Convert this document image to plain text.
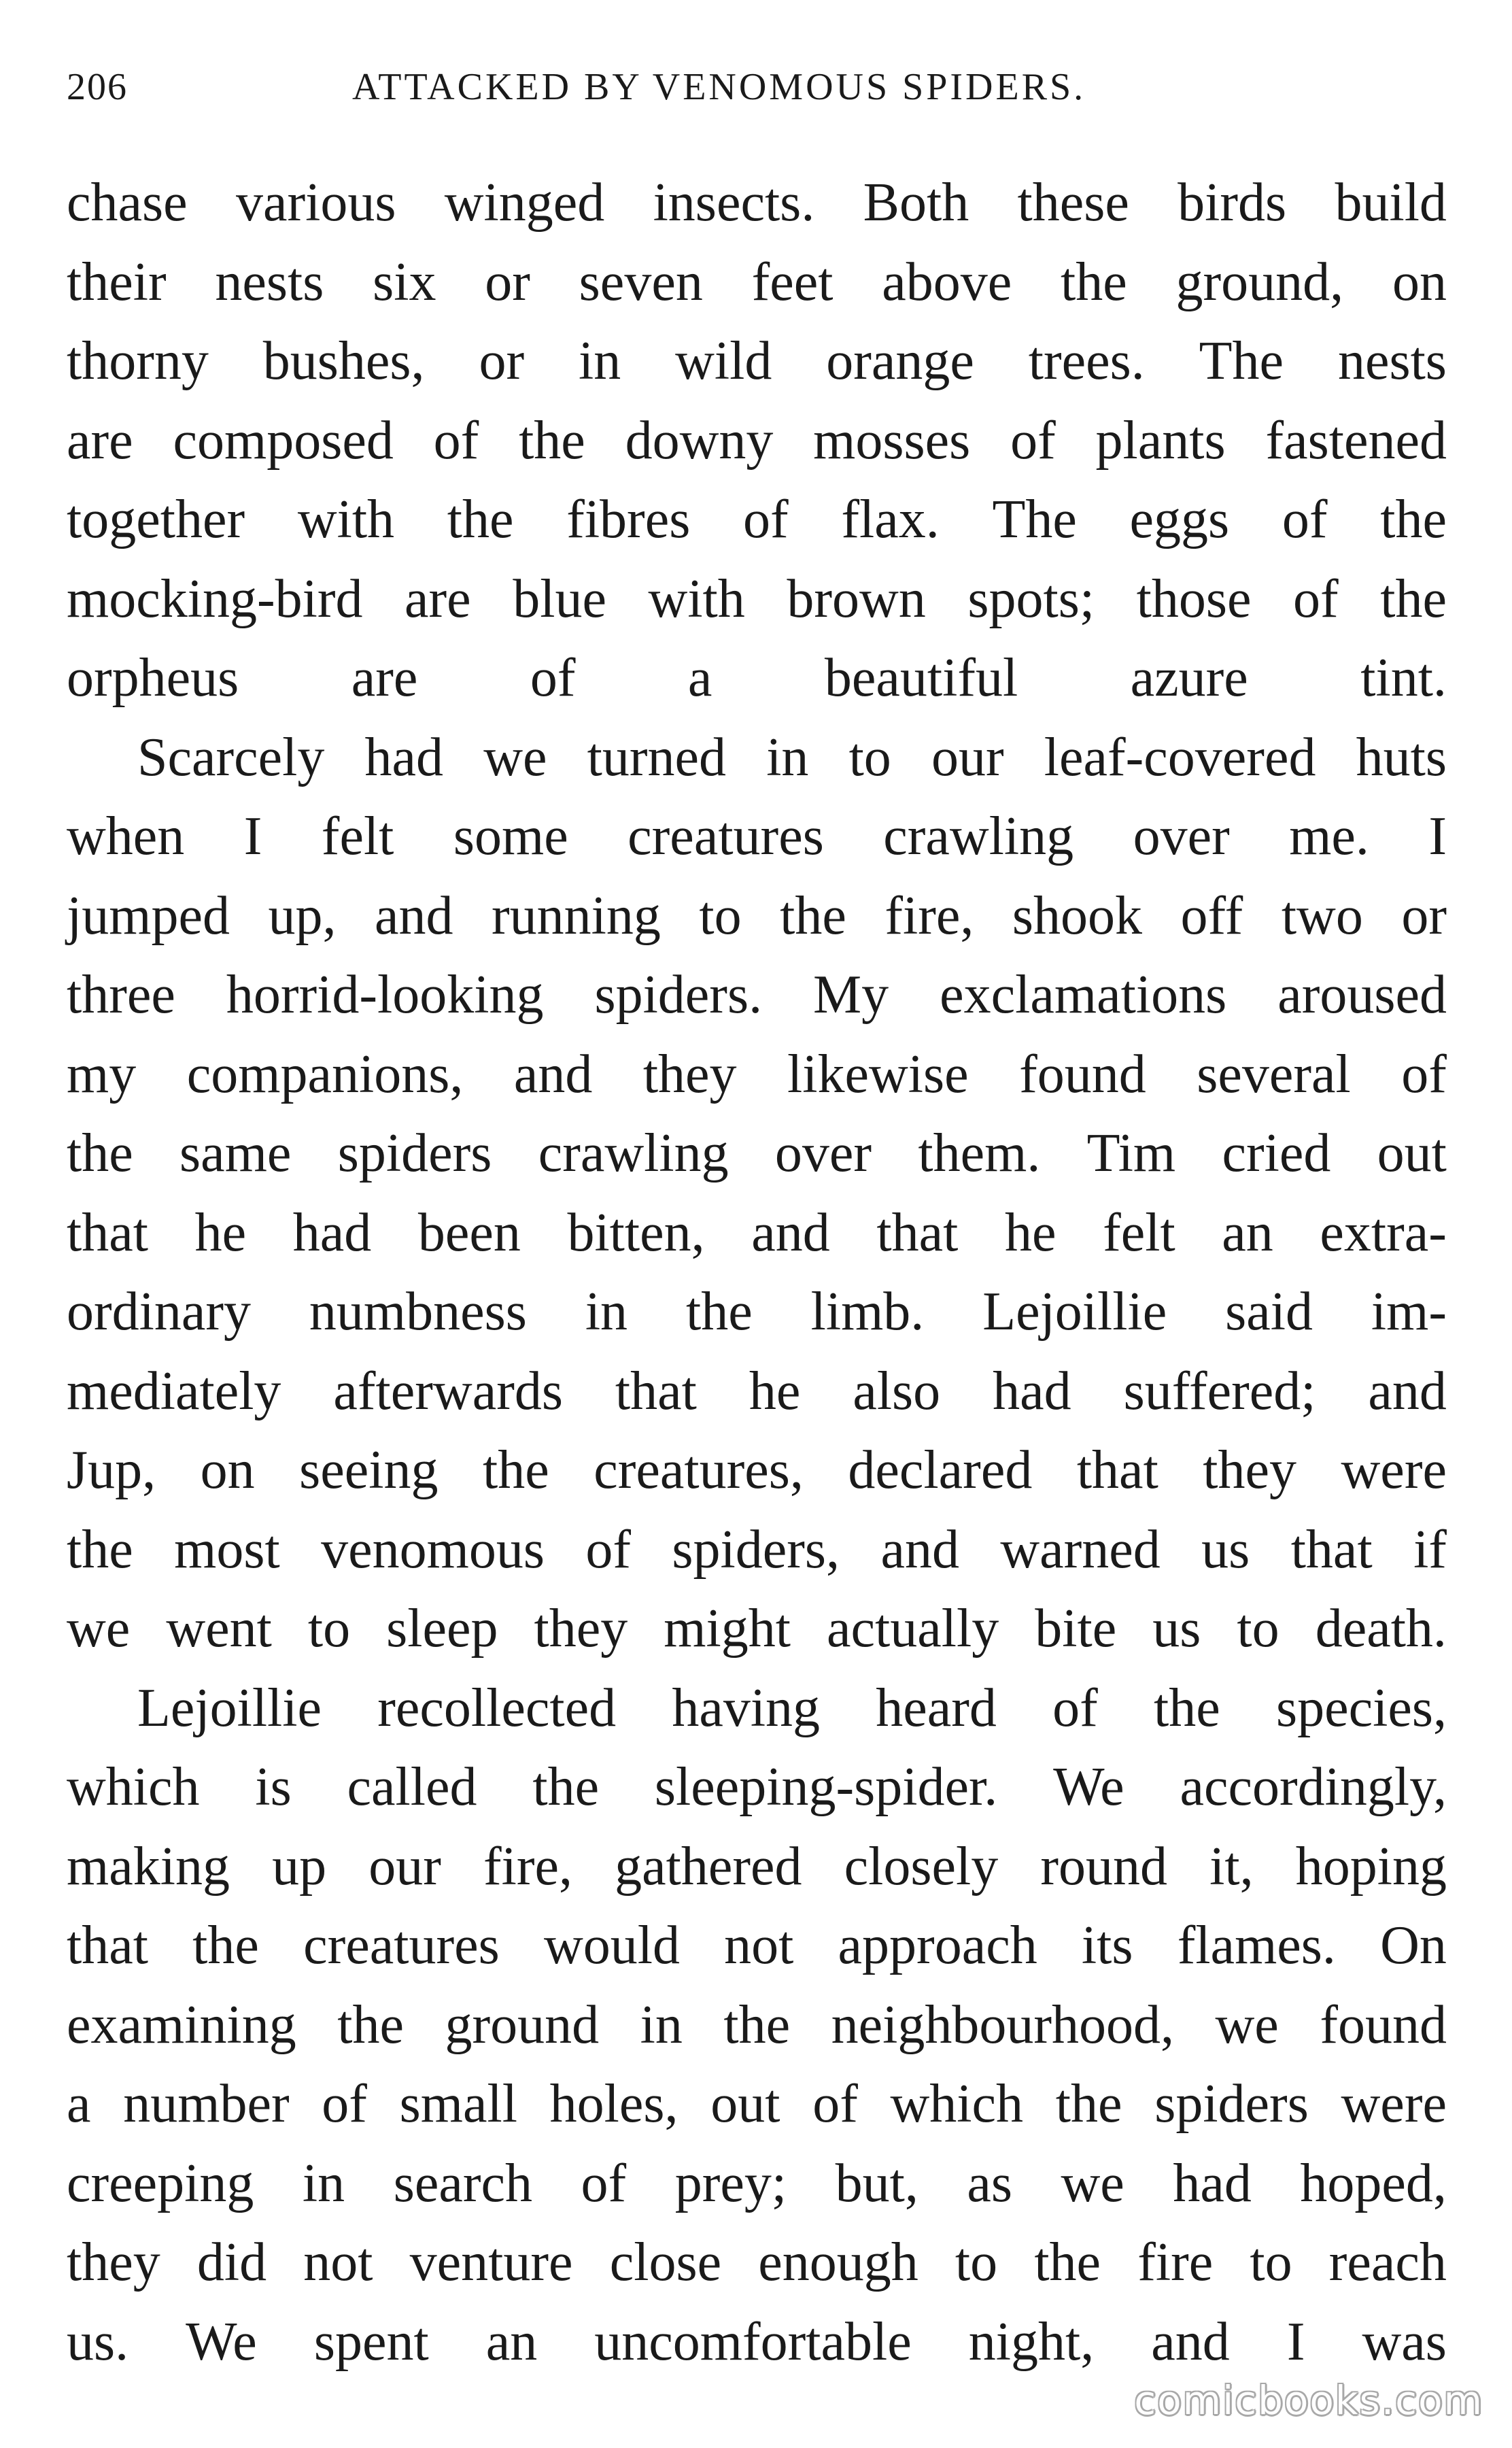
206	ATTACKED BY VENOMOUS SPIDERS.
chase various winged insects. Both these birds build
their nests six or seven feet above the ground, on
thorny bushes, or in wild orange trees. The nests
are composed of the downy mosses of plants fastened
together with the fibres of flax. The eggs of the
mocking-bird are blue with brown spots; those of the
orpheus are of a beautiful azure tint.
Scarcely had we turned in to our leaf-covered huts
when I felt some creatures crawling over me. I
jumped up, and running to the fire, shook off two or
three horrid-looking spiders. My exclamations aroused
my companions, and they likewise found several of
the same spiders crawling over them. Tim cried out
that he had been bitten, and that he felt an extra-
ordinary numbness in the limb. Lejoillie said im-
mediately afterwards that he also had suffered; and
Jup, on seeing the creatures, declared that they were
the most venomous of spiders, and warned us that if
we went to sleep they might actually bite us to death.
Lejoillie recollected having heard of the species,
which is called the sleeping-spider. We accordingly,
making up our fire, gathered closely round it, hoping
that the creatures would not approach its flames. On
examining the ground in the neighbourhood, we found
a number of small holes, out of which the spiders were
creeping in search of prey; but, as we had hoped,
they did not venture close enough to the fire to reach
us. We spent an uncomfortable night, and I was
comicbooks.com
